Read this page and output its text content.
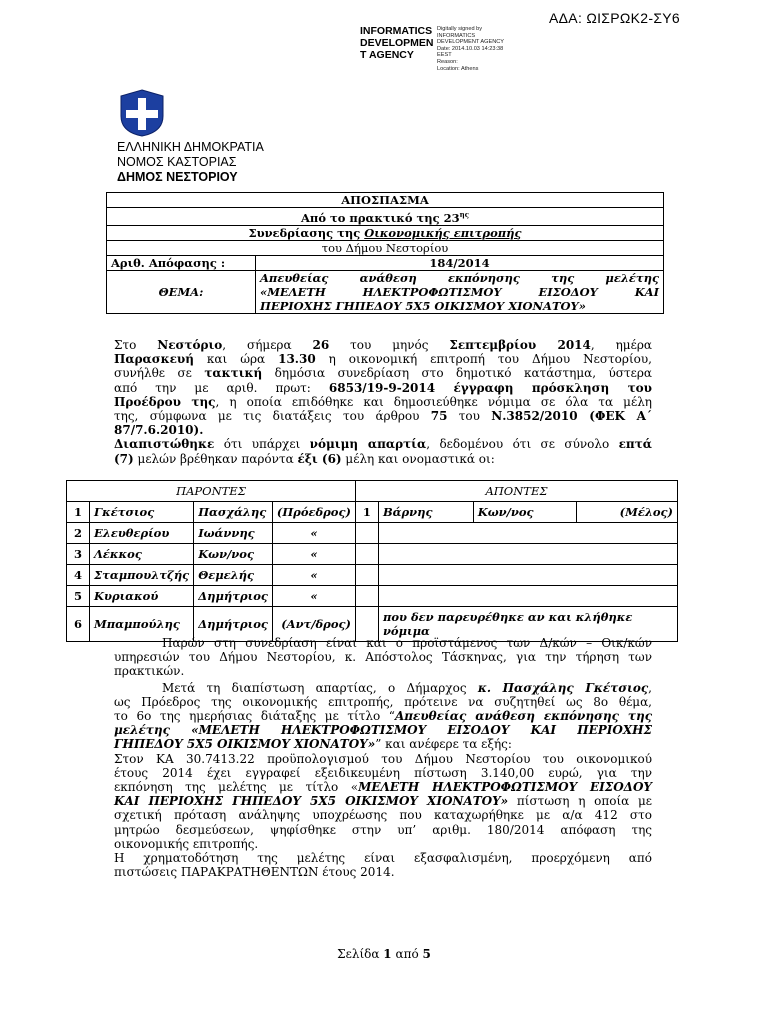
ΑΔΑ: ΩΙΣΡΩΚ2-ΣΥ6
INFORMATICS
DEVELOPMEN
T AGENCY
Digitally signed by
INFORMATICS
DEVELOPMENT AGENCY
Date: 2014.10.03 14:23:38
EEST
Reason:
Location: Athens
ΕΛΛΗΝΙΚΗ ΔΗΜΟΚΡΑΤΙΑ
ΝΟΜΟΣ ΚΑΣΤΟΡΙΑΣ
ΔΗΜΟΣ ΝΕΣΤΟΡΙΟΥ
ΑΠΟΣΠΑΣΜΑ	
Από το πρακτικό της $23^{\eta\varsigma}$
Συνεδρίασης της Οικονομικής επιτροπής	
του Δήμου Νεστορίου	
Αριθ. Απόφασης :	184/2014
ΘΕΜΑ:	Απευθείας ανάθεση εκπόνησης της μελέτης
«ΜΕΛΕΤΗ ΗΛΕΚΤΡΟΦΩΤΙΣΜΟΥ ΕΙΣΟΔΟΥ ΚΑΙ
ΠΕΡΙΟΧΗΣ ΓΗΠΕΔΟΥ 5Χ5 ΟΙΚΙΣΜΟΥ ΧΙΟΝΑΤΟΥ»
Στο Νεστόριο, σήμερα 26 του μηνός Σεπτεμβρίου 2014, ημέρα
Παρασκευή και ώρα 13.30 η οικονομική επιτροπή του Δήμου Νεστορίου,
συνήλθε σε τακτική δημόσια συνεδρίαση στο δημοτικό κατάστημα, ύστερα
από την με αριθ. πρωτ: 6853/19-9-2014 έγγραφη πρόσκληση του
Προέδρου της, η οποία επιδόθηκε και δημοσιεύθηκε νόμιμα σε όλα τα μέλη
της, σύμφωνα με τις διατάξεις του άρθρου 75 του Ν.3852/2010 (ΦΕΚ Α΄
87/7.6.2010).
Διαπιστώθηκε ότι υπάρχει νόμιμη απαρτία, δεδομένου ότι σε σύνολο επτά
(7) μελών βρέθηκαν παρόντα έξι (6) μέλη και ονομαστικά οι:
ΠΑΡΟΝΤΕΣ				ΑΠΟΝΤΕΣ			
1	Γκέτσιος	Πασχάλης	(Πρόεδρος)	1	Βάρνης	Κων/νος	(Μέλος)
2	Ελευθερίου	Ιωάννης	«				
3	Λέκκος	Κων/νος	«				
4	Σταμπουλτζής	Θεμελής	«				
5	Κυριακού	Δημήτριος	«				
6	Μπαμπούλης	Δημήτριος	(Αντ/δρος)		που δεν παρευρέθηκε αν και κλήθηκε νόμιμα		
Παρών στη συνεδρίαση είναι και ο προϊστάμενος των Δ/κών – Οικ/κών
υπηρεσιών του Δήμου Νεστορίου, κ. Απόστολος Τάσκηνας, για την τήρηση των
πρακτικών.
Μετά τη διαπίστωση απαρτίας, ο Δήμαρχος κ. Πασχάλης Γκέτσιος,
ως Πρόεδρος της οικονομικής επιτροπής, πρότεινε να συζητηθεί ως 8ο θέμα,
το 6ο της ημερήσιας διάταξης με τίτλο “Απευθείας ανάθεση εκπόνησης της
μελέτης «ΜΕΛΕΤΗ ΗΛΕΚΤΡΟΦΩΤΙΣΜΟΥ ΕΙΣΟΔΟΥ ΚΑΙ ΠΕΡΙΟΧΗΣ
ΓΗΠΕΔΟΥ 5Χ5 ΟΙΚΙΣΜΟΥ ΧΙΟΝΑΤΟΥ»” και ανέφερε τα εξής:
Στον ΚΑ 30.7413.22 προϋπολογισμού του Δήμου Νεστορίου του οικονομικού
έτους 2014 έχει εγγραφεί εξειδικευμένη πίστωση 3.140,00 ευρώ, για την
εκπόνηση της μελέτης με τίτλο «ΜΕΛΕΤΗ ΗΛΕΚΤΡΟΦΩΤΙΣΜΟΥ ΕΙΣΟΔΟΥ
ΚΑΙ ΠΕΡΙΟΧΗΣ ΓΗΠΕΔΟΥ 5Χ5 ΟΙΚΙΣΜΟΥ ΧΙΟΝΑΤΟΥ» πίστωση η οποία με
σχετική πρόταση ανάληψης υποχρέωσης που καταχωρήθηκε με α/α 412 στο
μητρώο δεσμεύσεων, ψηφίσθηκε στην υπ’ αριθμ. 180/2014 απόφαση της
οικονομικής επιτροπής.
Η χρηματοδότηση της μελέτης είναι εξασφαλισμένη, προερχόμενη από
πιστώσεις ΠΑΡΑΚΡΑΤΗΘΕΝΤΩΝ έτους 2014.
Σελίδα 1 από 5
